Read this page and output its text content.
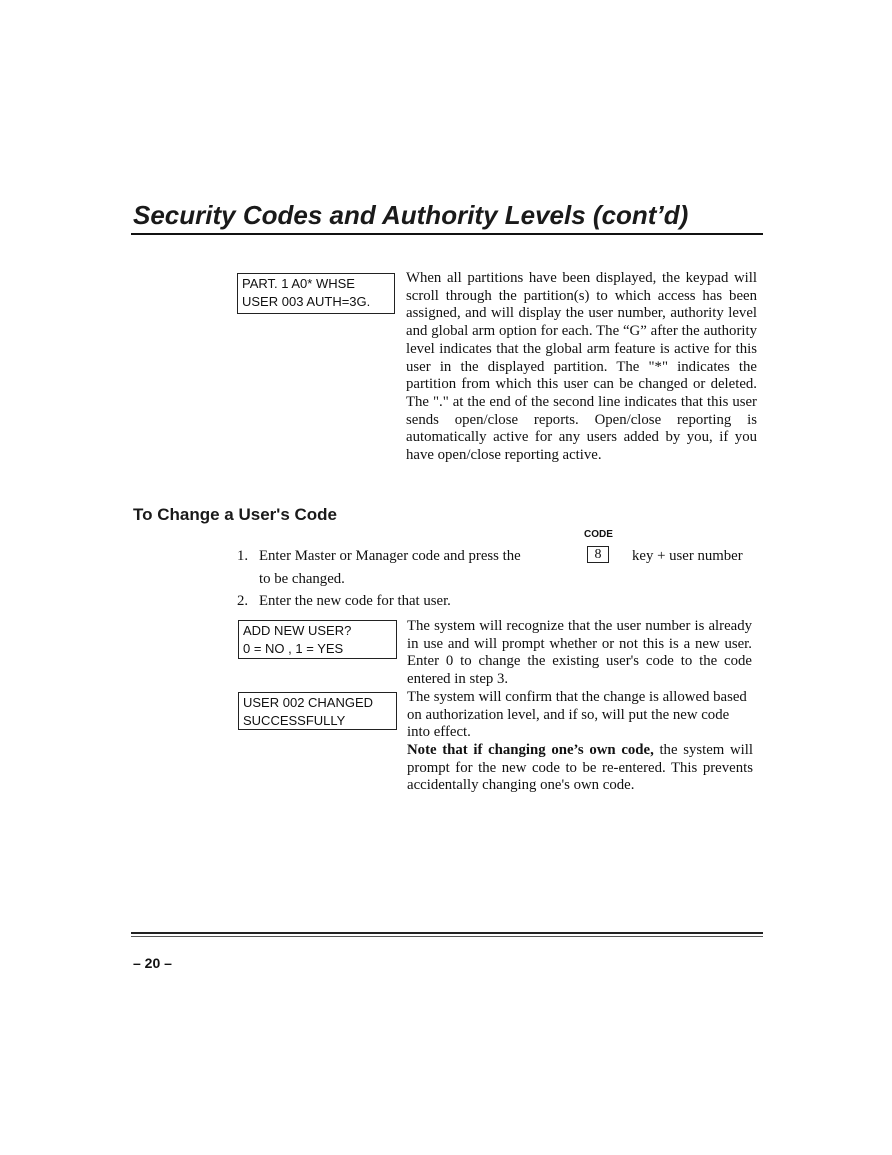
Security Codes and Authority Levels (cont’d)
PART. 1 A0* WHSE
USER 003 AUTH=3G.
When all partitions have been displayed, the keypad will scroll through the partition(s) to which access has been assigned, and will display the user number, authority level and global arm option for each. The “G” after the authority level indicates that the global arm feature is active for this user in the displayed partition. The "*" indicates the partition from which this user can be changed or deleted. The "." at the end of the second line indicates that this user sends open/close reports. Open/close reporting is automatically active for any users added by you, if you have open/close reporting active.
To Change a User's Code
CODE
8
1. Enter Master or Manager code and press the	key + user number
to be changed.
2. Enter the new code for that user.
ADD NEW USER?
0 = NO , 1 = YES
The system will recognize that the user number is already in use and will prompt whether or not this is a new user. Enter 0 to change the existing user's code to the code entered in step 3.
USER 002 CHANGED
SUCCESSFULLY
The system will confirm that the change is allowed based on authorization level, and if so, will put the new code into effect.
Note that if changing one’s own code, the system will prompt for the new code to be re-entered. This prevents accidentally changing one's own code.
– 20 –
